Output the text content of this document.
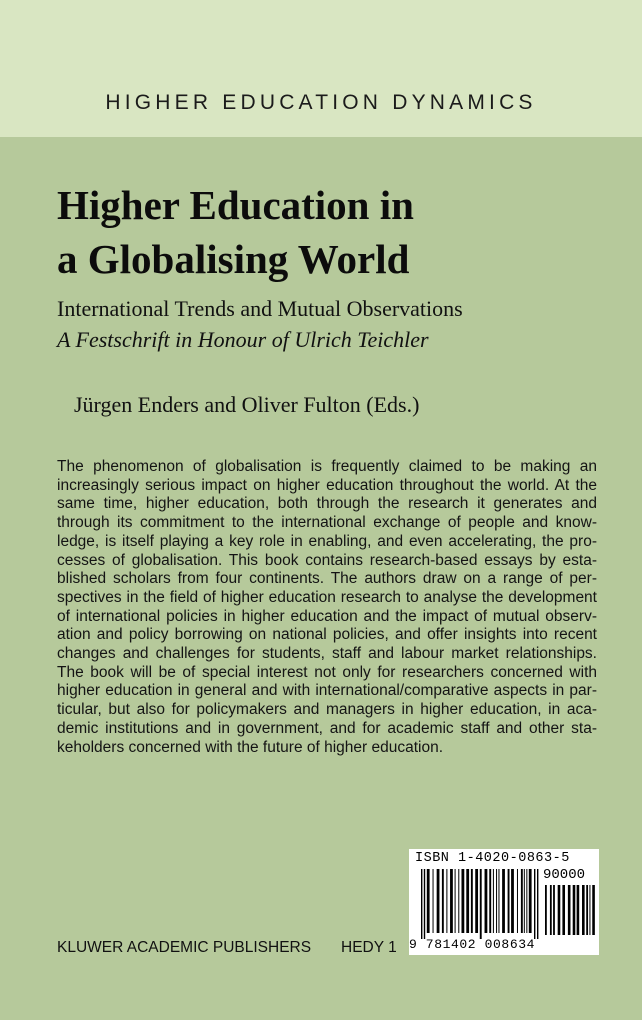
HIGHER EDUCATION DYNAMICS
Higher Education in
a Globalising World
International Trends and Mutual Observations
A Festschrift in Honour of Ulrich Teichler
Jürgen Enders and Oliver Fulton (Eds.)
The phenomenon of globalisation is frequently claimed to be making an increasingly serious impact on higher education throughout the world. At the same time, higher education, both through the research it generates and through its commitment to the international exchange of people and knowledge, is itself playing a key role in enabling, and even accelerating, the processes of globalisation. This book contains research-based essays by established scholars from four continents. The authors draw on a range of perspectives in the field of higher education research to analyse the development of international policies in higher education and the impact of mutual observation and policy borrowing on national policies, and offer insights into recent changes and challenges for students, staff and labour market relationships. The book will be of special interest not only for researchers concerned with higher education in general and with international/comparative aspects in particular, but also for policymakers and managers in higher education, in academic institutions and in government, and for academic staff and other stakeholders concerned with the future of higher education.
KLUWER ACADEMIC PUBLISHERS HEDY 1
ISBN 1-4020-0863-5
90000
9 781402 008634
